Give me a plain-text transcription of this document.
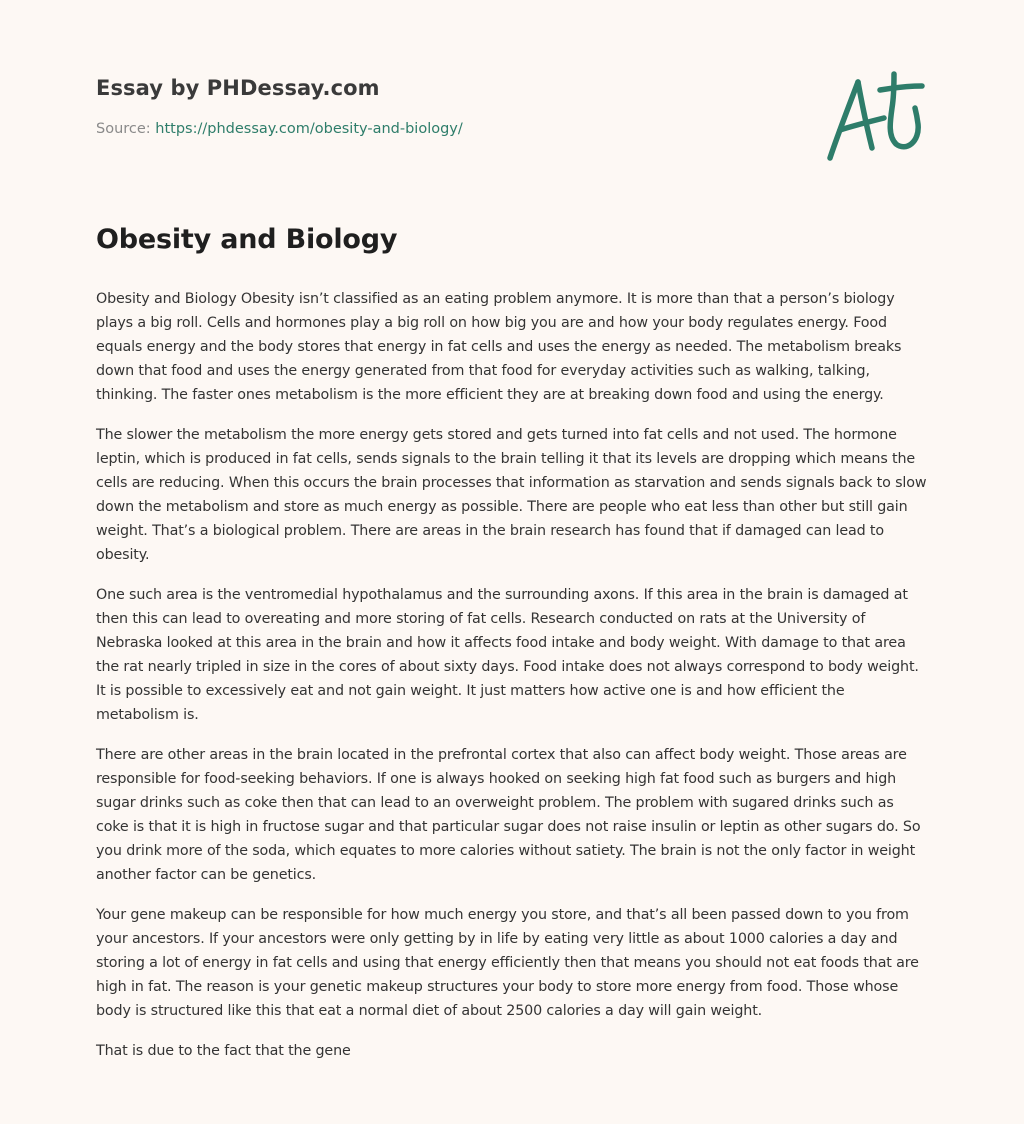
Essay by PHDessay.com
Source: https://phdessay.com/obesity-and-biology/
Obesity and Biology

Obesity and Biology Obesity isn’t classified as an eating problem anymore. It is more than that a person’s biology plays a big roll. Cells and hormones play a big roll on how big you are and how your body regulates energy. Food equals energy and the body stores that energy in fat cells and uses the energy as needed. The metabolism breaks down that food and uses the energy generated from that food for everyday activities such as walking, talking, thinking. The faster ones metabolism is the more efficient they are at breaking down food and using the energy.

The slower the metabolism the more energy gets stored and gets turned into fat cells and not used. The hormone leptin, which is produced in fat cells, sends signals to the brain telling it that its levels are dropping which means the cells are reducing. When this occurs the brain processes that information as starvation and sends signals back to slow down the metabolism and store as much energy as possible. There are people who eat less than other but still gain weight. That’s a biological problem. There are areas in the brain research has found that if damaged can lead to obesity.

One such area is the ventromedial hypothalamus and the surrounding axons. If this area in the brain is damaged at then this can lead to overeating and more storing of fat cells. Research conducted on rats at the University of Nebraska looked at this area in the brain and how it affects food intake and body weight. With damage to that area the rat nearly tripled in size in the cores of about sixty days. Food intake does not always correspond to body weight. It is possible to excessively eat and not gain weight. It just matters how active one is and how efficient the metabolism is.

There are other areas in the brain located in the prefrontal cortex that also can affect body weight. Those areas are responsible for food-seeking behaviors. If one is always hooked on seeking high fat food such as burgers and high sugar drinks such as coke then that can lead to an overweight problem. The problem with sugared drinks such as coke is that it is high in fructose sugar and that particular sugar does not raise insulin or leptin as other sugars do. So you drink more of the soda, which equates to more calories without satiety. The brain is not the only factor in weight another factor can be genetics.

Your gene makeup can be responsible for how much energy you store, and that’s all been passed down to you from your ancestors. If your ancestors were only getting by in life by eating very little as about 1000 calories a day and storing a lot of energy in fat cells and using that energy efficiently then that means you should not eat foods that are high in fat. The reason is your genetic makeup structures your body to store more energy from food. Those whose body is structured like this that eat a normal diet of about 2500 calories a day will gain weight.

That is due to the fact that the gene
